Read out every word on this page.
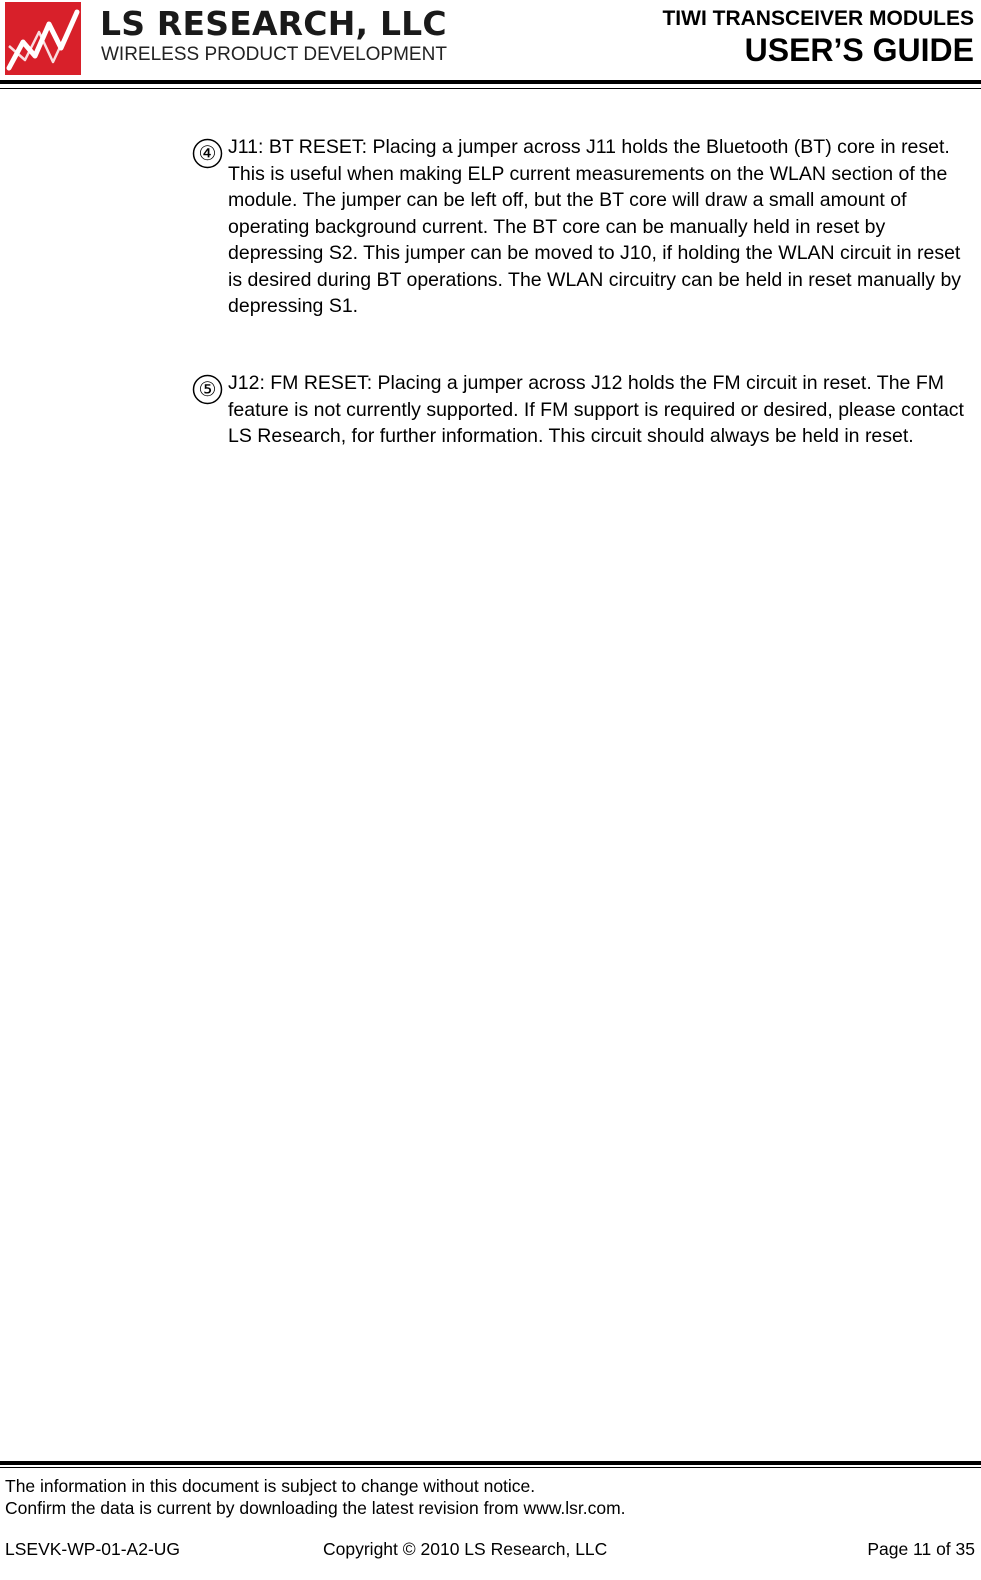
LS RESEARCH, LLC
WIRELESS PRODUCT DEVELOPMENT
TIWI TRANSCEIVER MODULES
USER’S GUIDE
④ J11: BT RESET: Placing a jumper across J11 holds the Bluetooth (BT) core in reset. This is useful when making ELP current measurements on the WLAN section of the module. The jumper can be left off, but the BT core will draw a small amount of operating background current. The BT core can be manually held in reset by depressing S2. This jumper can be moved to J10, if holding the WLAN circuit in reset is desired during BT operations. The WLAN circuitry can be held in reset manually by depressing S1.
⑤ J12: FM RESET: Placing a jumper across J12 holds the FM circuit in reset. The FM feature is not currently supported. If FM support is required or desired, please contact LS Research, for further information. This circuit should always be held in reset.
The information in this document is subject to change without notice.
Confirm the data is current by downloading the latest revision from www.lsr.com.
LSEVK-WP-01-A2-UG	Copyright © 2010 LS Research, LLC	Page 11 of 35
